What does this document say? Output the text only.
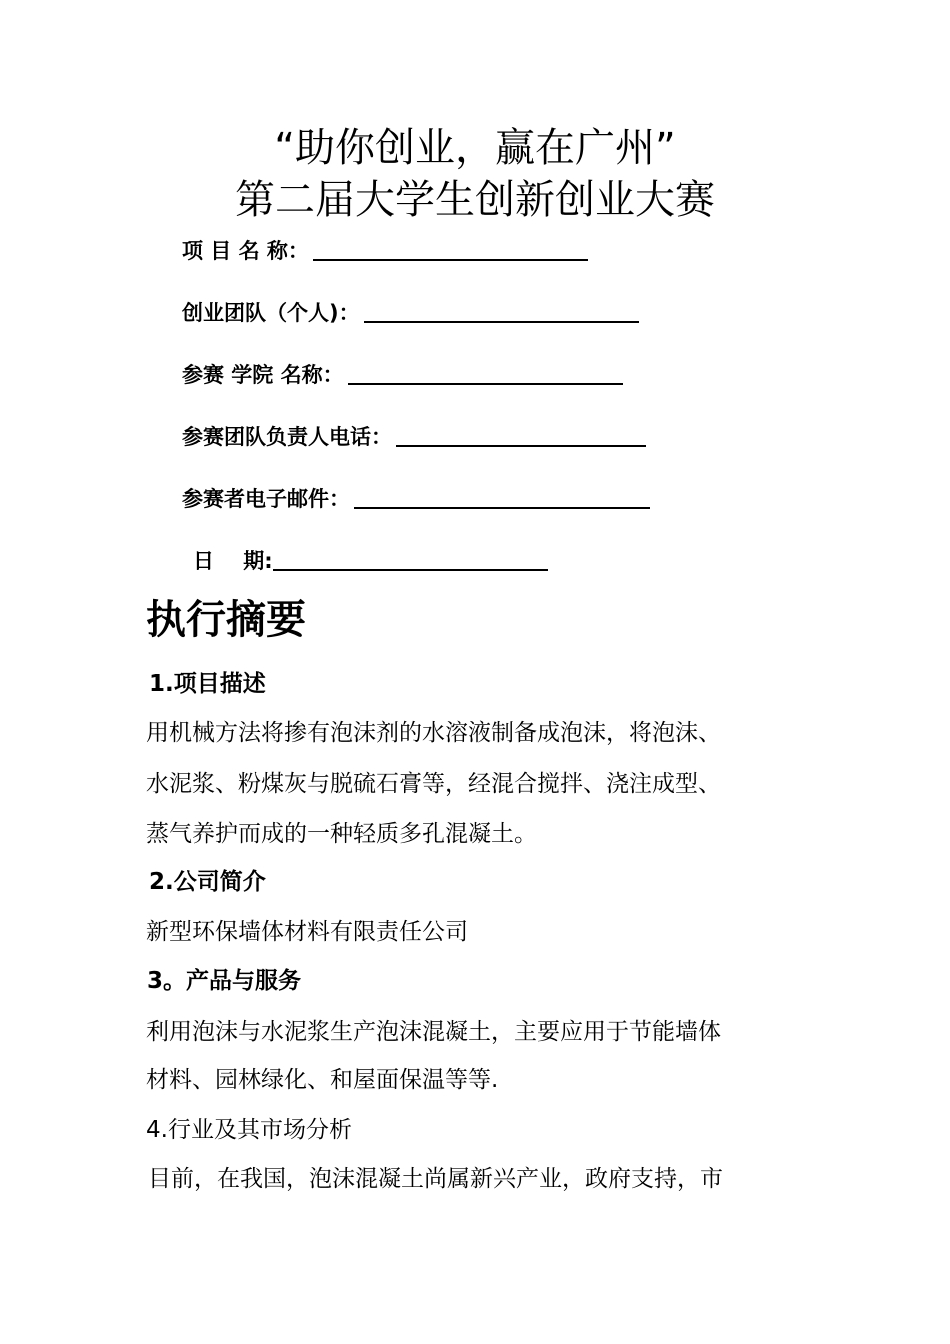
“助你创业，赢在广州”
第二届大学生创新创业大赛
项 目 名 称：
创业团队（个人)：
参赛 学院 名称：
参赛团队负责人电话：
参赛者电子邮件：
日    期:
执行摘要
1.项目描述
用机械方法将掺有泡沫剂的水溶液制备成泡沫，将泡沫、
水泥浆、粉煤灰与脱硫石膏等，经混合搅拌、浇注成型、
蒸气养护而成的一种轻质多孔混凝土。
2.公司简介
新型环保墙体材料有限责任公司
3。产品与服务
利用泡沫与水泥浆生产泡沫混凝土，主要应用于节能墙体
材料、园林绿化、和屋面保温等等.
4.行业及其市场分析
目前，在我国，泡沫混凝土尚属新兴产业，政府支持，市
